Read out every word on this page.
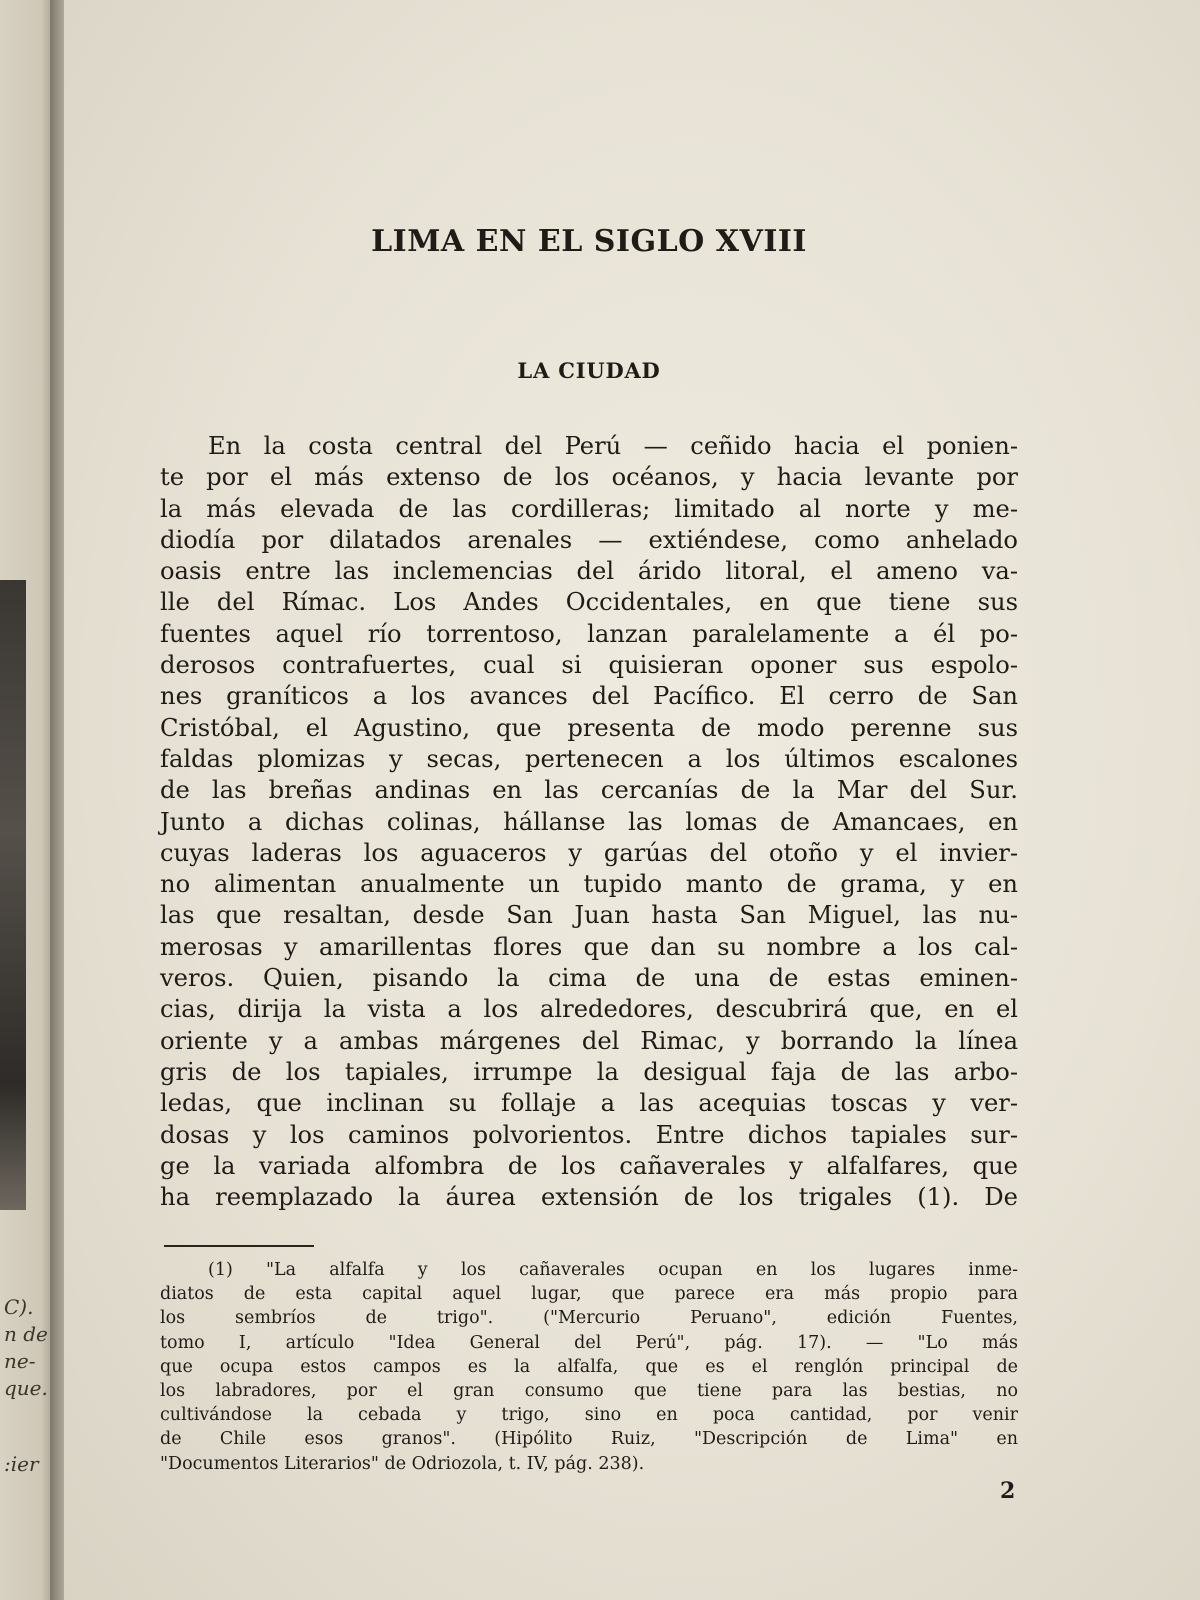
C).
n de
ne-
que.
:ier
LIMA EN EL SIGLO XVIII
LA CIUDAD
En la costa central del Perú — ceñido hacia el ponien-
te por el más extenso de los océanos, y hacia levante por
la más elevada de las cordilleras; limitado al norte y me-
diodía por dilatados arenales — extiéndese, como anhelado
oasis entre las inclemencias del árido litoral, el ameno va-
lle del Rímac. Los Andes Occidentales, en que tiene sus
fuentes aquel río torrentoso, lanzan paralelamente a él po-
derosos contrafuertes, cual si quisieran oponer sus espolo-
nes graníticos a los avances del Pacífico. El cerro de San
Cristóbal, el Agustino, que presenta de modo perenne sus
faldas plomizas y secas, pertenecen a los últimos escalones
de las breñas andinas en las cercanías de la Mar del Sur.
Junto a dichas colinas, hállanse las lomas de Amancaes, en
cuyas laderas los aguaceros y garúas del otoño y el invier-
no alimentan anualmente un tupido manto de grama, y en
las que resaltan, desde San Juan hasta San Miguel, las nu-
merosas y amarillentas flores que dan su nombre a los cal-
veros. Quien, pisando la cima de una de estas eminen-
cias, dirija la vista a los alrededores, descubrirá que, en el
oriente y a ambas márgenes del Rimac, y borrando la línea
gris de los tapiales, irrumpe la desigual faja de las arbo-
ledas, que inclinan su follaje a las acequias toscas y ver-
dosas y los caminos polvorientos. Entre dichos tapiales sur-
ge la variada alfombra de los cañaverales y alfalfares, que
ha reemplazado la áurea extensión de los trigales (1). De
(1) "La alfalfa y los cañaverales ocupan en los lugares inme-
diatos de esta capital aquel lugar, que parece era más propio para
los sembríos de trigo". ("Mercurio Peruano", edición Fuentes,
tomo I, artículo "Idea General del Perú", pág. 17). — "Lo más
que ocupa estos campos es la alfalfa, que es el renglón principal de
los labradores, por el gran consumo que tiene para las bestias, no
cultivándose la cebada y trigo, sino en poca cantidad, por venir
de Chile esos granos". (Hipólito Ruiz, "Descripción de Lima" en
"Documentos Literarios" de Odriozola, t. IV, pág. 238).

2
